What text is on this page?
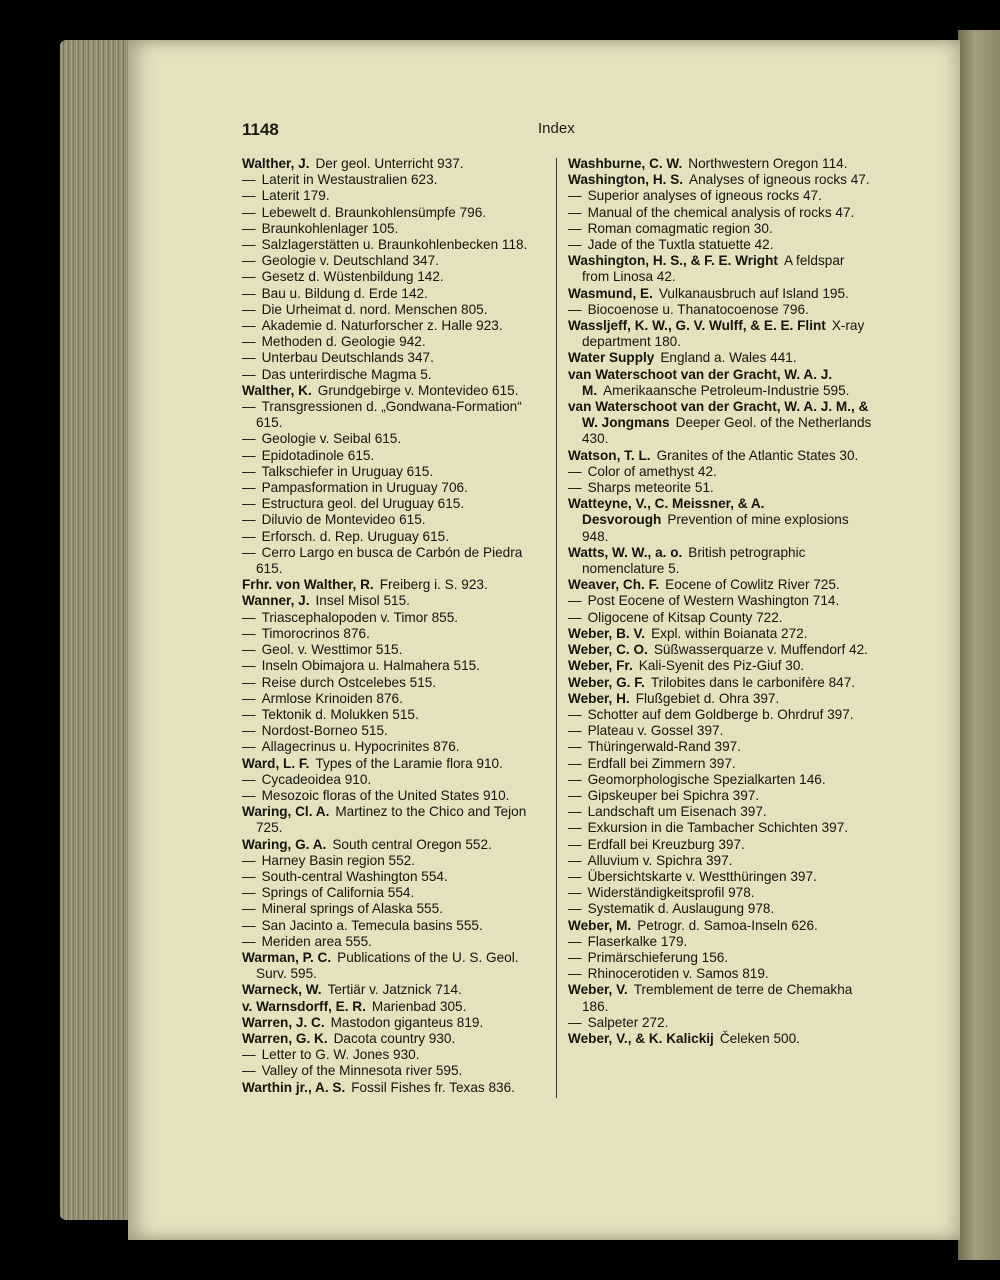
1148	Index

Walther, J. Der geol. Unterricht 937.

— Laterit in Westaustralien 623.

— Laterit 179.

— Lebewelt d. Braunkohlensümpfe 796.

— Braunkohlenlager 105.

— Salzlagerstätten u. Braunkohlenbecken 118.

— Geologie v. Deutschland 347.

— Gesetz d. Wüstenbildung 142.

— Bau u. Bildung d. Erde 142.

— Die Urheimat d. nord. Menschen 805.

— Akademie d. Naturforscher z. Halle 923.

— Methoden d. Geologie 942.

— Unterbau Deutschlands 347.

— Das unterirdische Magma 5.

Walther, K. Grundgebirge v. Montevideo 615.

— Transgressionen d. „Gondwana-Formation“ 615.

— Geologie v. Seibal 615.

— Epidotadinole 615.

— Talkschiefer in Uruguay 615.

— Pampasformation in Uruguay 706.

— Estructura geol. del Uruguay 615.

— Diluvio de Montevideo 615.

— Erforsch. d. Rep. Uruguay 615.

— Cerro Largo en busca de Carbón de Piedra 615.

Frhr. von Walther, R. Freiberg i. S. 923.

Wanner, J. Insel Misol 515.

— Triascephalopoden v. Timor 855.

— Timorocrinos 876.

— Geol. v. Westtimor 515.

— Inseln Obimajora u. Halmahera 515.

— Reise durch Ostcelebes 515.

— Armlose Krinoiden 876.

— Tektonik d. Molukken 515.

— Nordost-Borneo 515.

— Allagecrinus u. Hypocrinites 876.

Ward, L. F. Types of the Laramie flora 910.

— Cycadeoidea 910.

— Mesozoic floras of the United States 910.

Waring, Cl. A. Martinez to the Chico and Tejon 725.

Waring, G. A. South central Oregon 552.

— Harney Basin region 552.

— South-central Washington 554.

— Springs of California 554.

— Mineral springs of Alaska 555.

— San Jacinto a. Temecula basins 555.

— Meriden area 555.

Warman, P. C. Publications of the U. S. Geol. Surv. 595.

Warneck, W. Tertiär v. Jatznick 714.

v. Warnsdorff, E. R. Marienbad 305.

Warren, J. C. Mastodon giganteus 819.

Warren, G. K. Dacota country 930.

— Letter to G. W. Jones 930.

— Valley of the Minnesota river 595.

Warthin jr., A. S. Fossil Fishes fr. Texas 836.

Washburne, C. W. Northwestern Oregon 114.

Washington, H. S. Analyses of igneous rocks 47.

— Superior analyses of igneous rocks 47.

— Manual of the chemical analysis of rocks 47.

— Roman comagmatic region 30.

— Jade of the Tuxtla statuette 42.

Washington, H. S., & F. E. Wright A feldspar from Linosa 42.

Wasmund, E. Vulkanausbruch auf Island 195.

— Biocoenose u. Thanatocoenose 796.

Wassljeff, K. W., G. V. Wulff, & E. E. Flint X-ray department 180.

Water Supply England a. Wales 441.

van Waterschoot van der Gracht, W. A. J. M. Amerikaansche Petroleum-Industrie 595.

van Waterschoot van der Gracht, W. A. J. M., & W. Jongmans Deeper Geol. of the Netherlands 430.

Watson, T. L. Granites of the Atlantic States 30.

— Color of amethyst 42.

— Sharps meteorite 51.

Watteyne, V., C. Meissner, & A. Desvorough Prevention of mine explosions 948.

Watts, W. W., a. o. British petrographic nomenclature 5.

Weaver, Ch. F. Eocene of Cowlitz River 725.

— Post Eocene of Western Washington 714.

— Oligocene of Kitsap County 722.

Weber, B. V. Expl. within Boianata 272.

Weber, C. O. Süßwasserquarze v. Muffendorf 42.

Weber, Fr. Kali-Syenit des Piz-Giuf 30.

Weber, G. F. Trilobites dans le carbonifère 847.

Weber, H. Flußgebiet d. Ohra 397.

— Schotter auf dem Goldberge b. Ohrdruf 397.

— Plateau v. Gossel 397.

— Thüringerwald-Rand 397.

— Erdfall bei Zimmern 397.

— Geomorphologische Spezialkarten 146.

— Gipskeuper bei Spichra 397.

— Landschaft um Eisenach 397.

— Exkursion in die Tambacher Schichten 397.

— Erdfall bei Kreuzburg 397.

— Alluvium v. Spichra 397.

— Übersichtskarte v. Westthüringen 397.

— Widerständigkeitsprofil 978.

— Systematik d. Auslaugung 978.

Weber, M. Petrogr. d. Samoa-Inseln 626.

— Flaserkalke 179.

— Primärschieferung 156.

— Rhinocerotiden v. Samos 819.

Weber, V. Tremblement de terre de Chemakha 186.

— Salpeter 272.

Weber, V., & K. Kalickij Čeleken 500.
